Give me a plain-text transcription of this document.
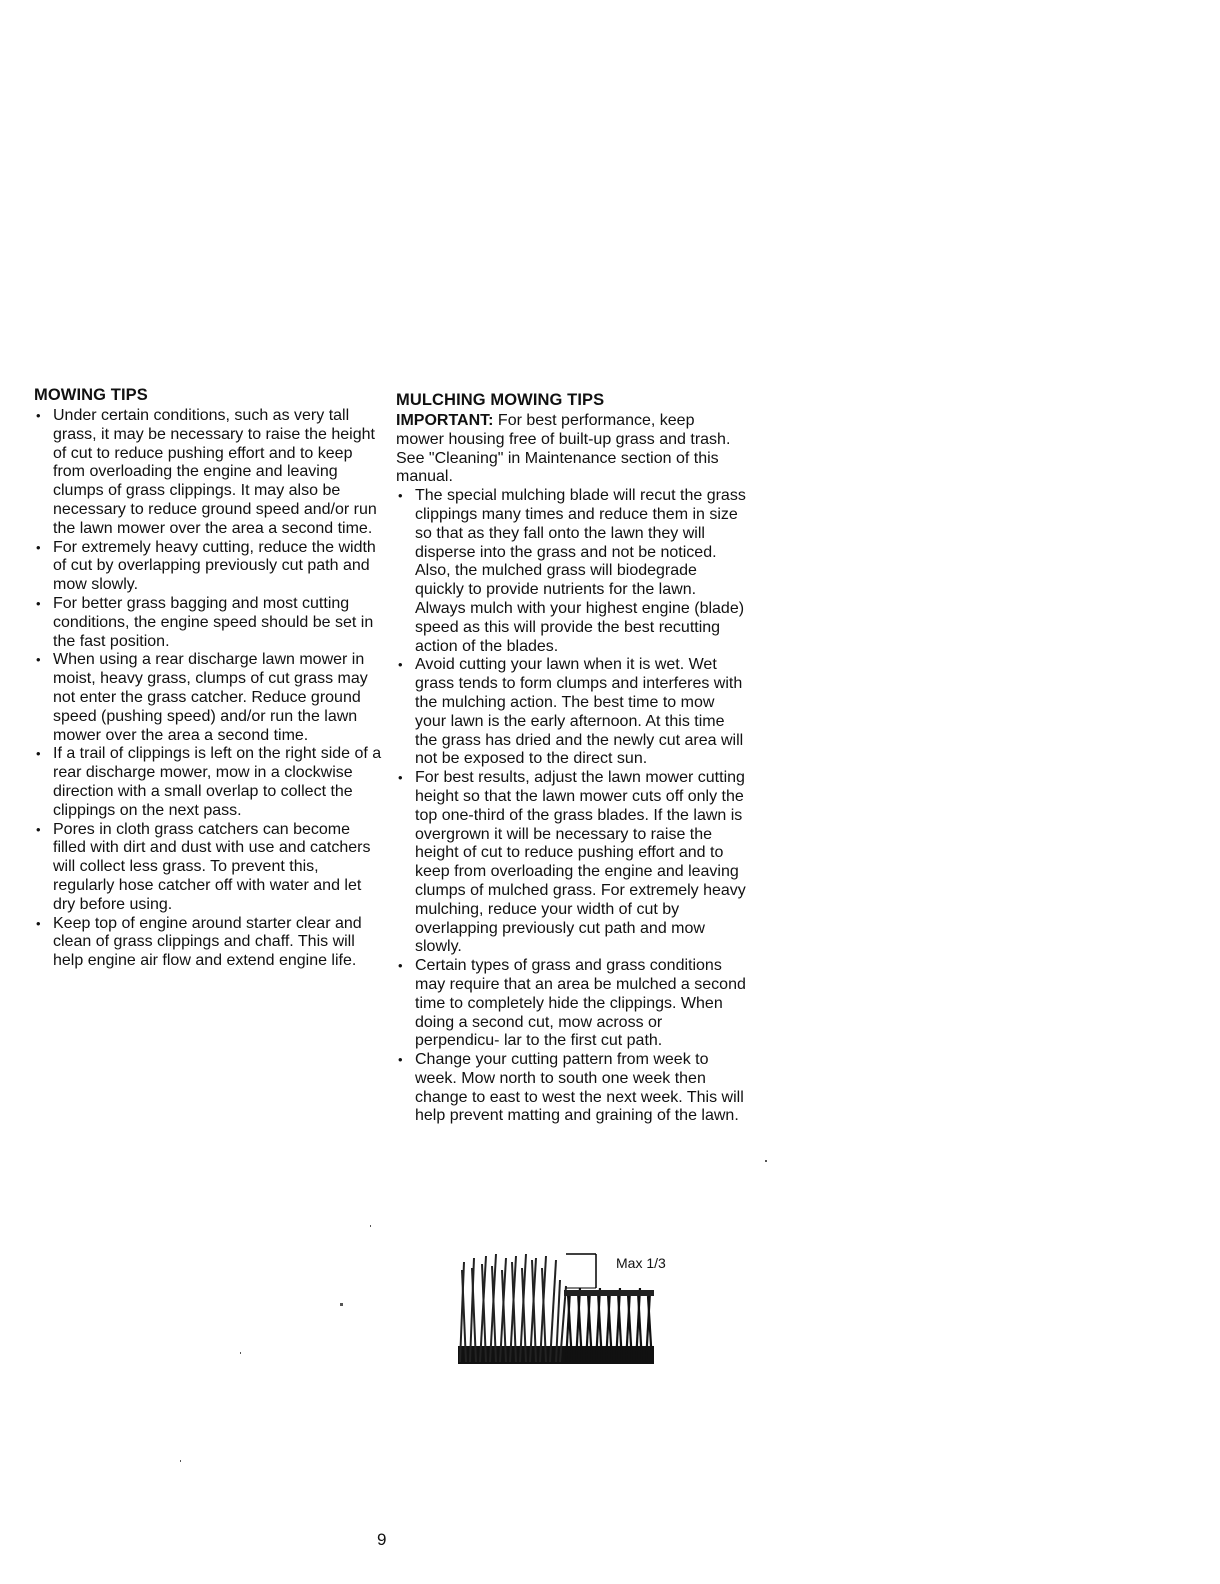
MOWING TIPS
• Under certain conditions, such as very tall grass, it may be necessary to raise the height of cut to reduce pushing effort and to keep from overloading the engine and leaving clumps of grass clippings. It may also be necessary to reduce ground speed and/or run the lawn mower over the area a second time.
• For extremely heavy cutting, reduce the width of cut by overlapping previously cut path and mow slowly.
• For better grass bagging and most cutting conditions, the engine speed should be set in the fast position.
• When using a rear discharge lawn mower in moist, heavy grass, clumps of cut grass may not enter the grass catcher. Reduce ground speed (pushing speed) and/or run the lawn mower over the area a second time.
• If a trail of clippings is left on the right side of a rear discharge mower, mow in a clockwise direction with a small overlap to collect the clippings on the next pass.
• Pores in cloth grass catchers can become filled with dirt and dust with use and catchers will collect less grass. To prevent this, regularly hose catcher off with water and let dry before using.
• Keep top of engine around starter clear and clean of grass clippings and chaff. This will help engine air flow and extend engine life.
MULCHING MOWING TIPS

IMPORTANT: For best performance, keep mower housing free of built-up grass and trash. See "Cleaning" in Maintenance section of this manual.

• The special mulching blade will recut the grass clippings many times and reduce them in size so that as they fall onto the lawn they will disperse into the grass and not be noticed. Also, the mulched grass will biodegrade quickly to provide nutrients for the lawn. Always mulch with your highest engine (blade) speed as this will provide the best recutting action of the blades.
• Avoid cutting your lawn when it is wet. Wet grass tends to form clumps and interferes with the mulching action. The best time to mow your lawn is the early afternoon. At this time the grass has dried and the newly cut area will not be exposed to the direct sun.
• For best results, adjust the lawn mower cutting height so that the lawn mower cuts off only the top one-third of the grass blades. If the lawn is overgrown it will be necessary to raise the height of cut to reduce pushing effort and to keep from overloading the engine and leaving clumps of mulched grass. For extremely heavy mulching, reduce your width of cut by overlapping previously cut path and mow slowly.
• Certain types of grass and grass conditions may require that an area be mulched a second time to completely hide the clippings. When doing a second cut, mow across or perpendicu- lar to the first cut path.
• Change your cutting pattern from week to week. Mow north to south one week then change to east to west the next week. This will help prevent matting and graining of the lawn.
Max 1/3
9
